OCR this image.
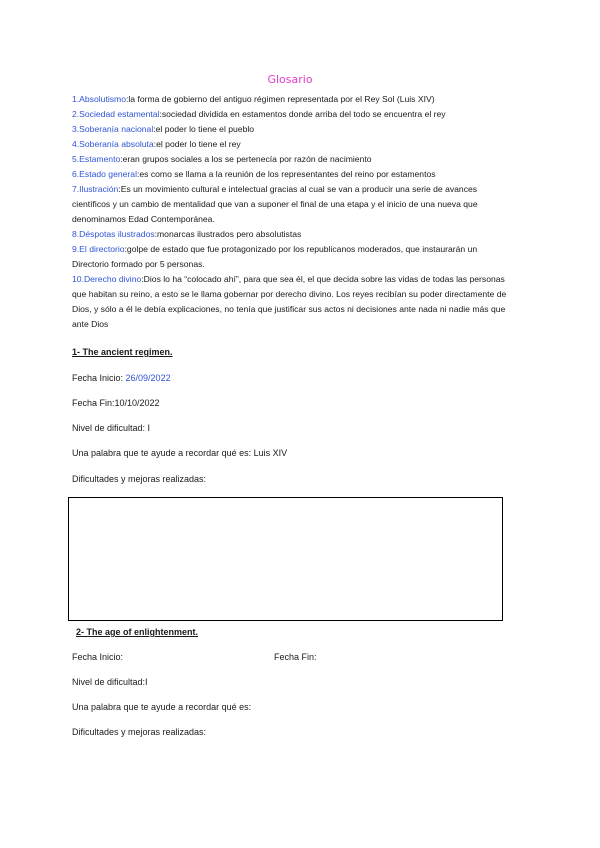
Glosario

1.Absolutismo:la forma de gobierno del antiguo régimen representada por el Rey Sol (Luis XIV)

2.Sociedad estamental:sociedad dividida en estamentos donde arriba del todo se encuentra el rey

3.Soberanía nacional:el poder lo tiene el pueblo

4.Soberanía absoluta:el poder lo tiene el rey

5.Estamento:eran grupos sociales a los se pertenecía por razón de nacimiento

6.Estado general:es como se llama a la reunión de los representantes del reino por estamentos

7.Ilustración:Es un movimiento cultural e intelectual gracias al cual se van a producir una serie de avances científicos y un cambio de mentalidad que van a suponer el final de una etapa y el inicio de una nueva que denominamos Edad Contemporánea.

8.Déspotas ilustrados:monarcas ilustrados pero absolutistas

9.El directorio:golpe de estado que fue protagonizado por los republicanos moderados, que instaurarán un Directorio formado por 5 personas.

10.Derecho divino:Dios lo ha “colocado ahí”, para que sea él, el que decida sobre las vidas de todas las personas que habitan su reino, a esto se le llama gobernar por derecho divino. Los reyes recibían su poder directamente de Dios, y sólo a él le debía explicaciones, no tenía que justificar sus actos ni decisiones ante nada ni nadie más que ante Dios

1- The ancient regimen.
Fecha Inicio: 26/09/2022
Fecha Fin:10/10/2022
Nivel de dificultad: I
Una palabra que te ayude a recordar qué es: Luis XIV
Dificultades y mejoras realizadas:
2- The age of enlightenment.
Fecha Inicio:	Fecha Fin:
Nivel de dificultad:I
Una palabra que te ayude a recordar qué es:
Dificultades y mejoras realizadas:
